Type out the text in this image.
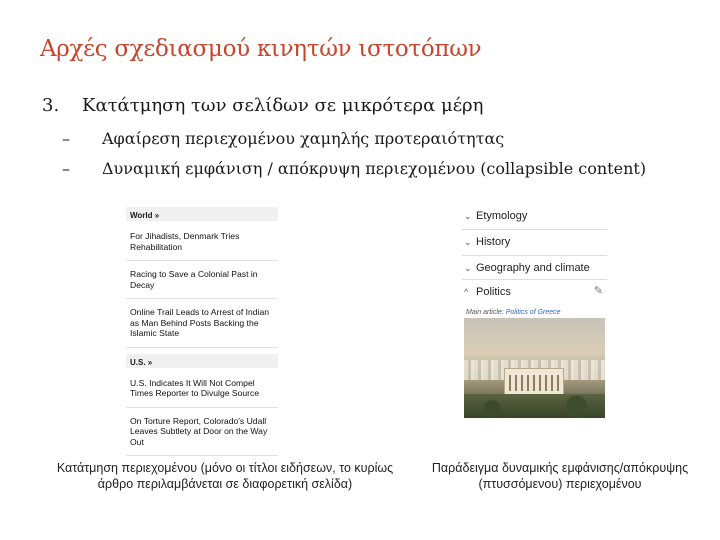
Αρχές σχεδιασμού κινητών ιστοτόπων
3. Κατάτμηση των σελίδων σε μικρότερα μέρη
– Αφαίρεση περιεχομένου χαμηλής προτεραιότητας
– Δυναμική εμφάνιση / απόκρυψη περιεχομένου (collapsible content)
World »
For Jihadists, Denmark Tries Rehabilitation
Racing to Save a Colonial Past in Decay
Online Trail Leads to Arrest of Indian as Man Behind Posts Backing the Islamic State
U.S. »
U.S. Indicates It Will Not Compel Times Reporter to Divulge Source
On Torture Report, Colorado's Udall Leaves Subtlety at Door on the Way Out
⌄ Etymology
⌄ History
⌄ Geography and climate
^ Politics	✎
Main article: Politics of Greece
Κατάτμηση περιεχομένου (μόνο οι τίτλοι ειδήσεων, το κυρίως άρθρο περιλαμβάνεται σε διαφορετική σελίδα)
Παράδειγμα δυναμικής εμφάνισης/απόκρυψης (πτυσσόμενου) περιεχομένου
